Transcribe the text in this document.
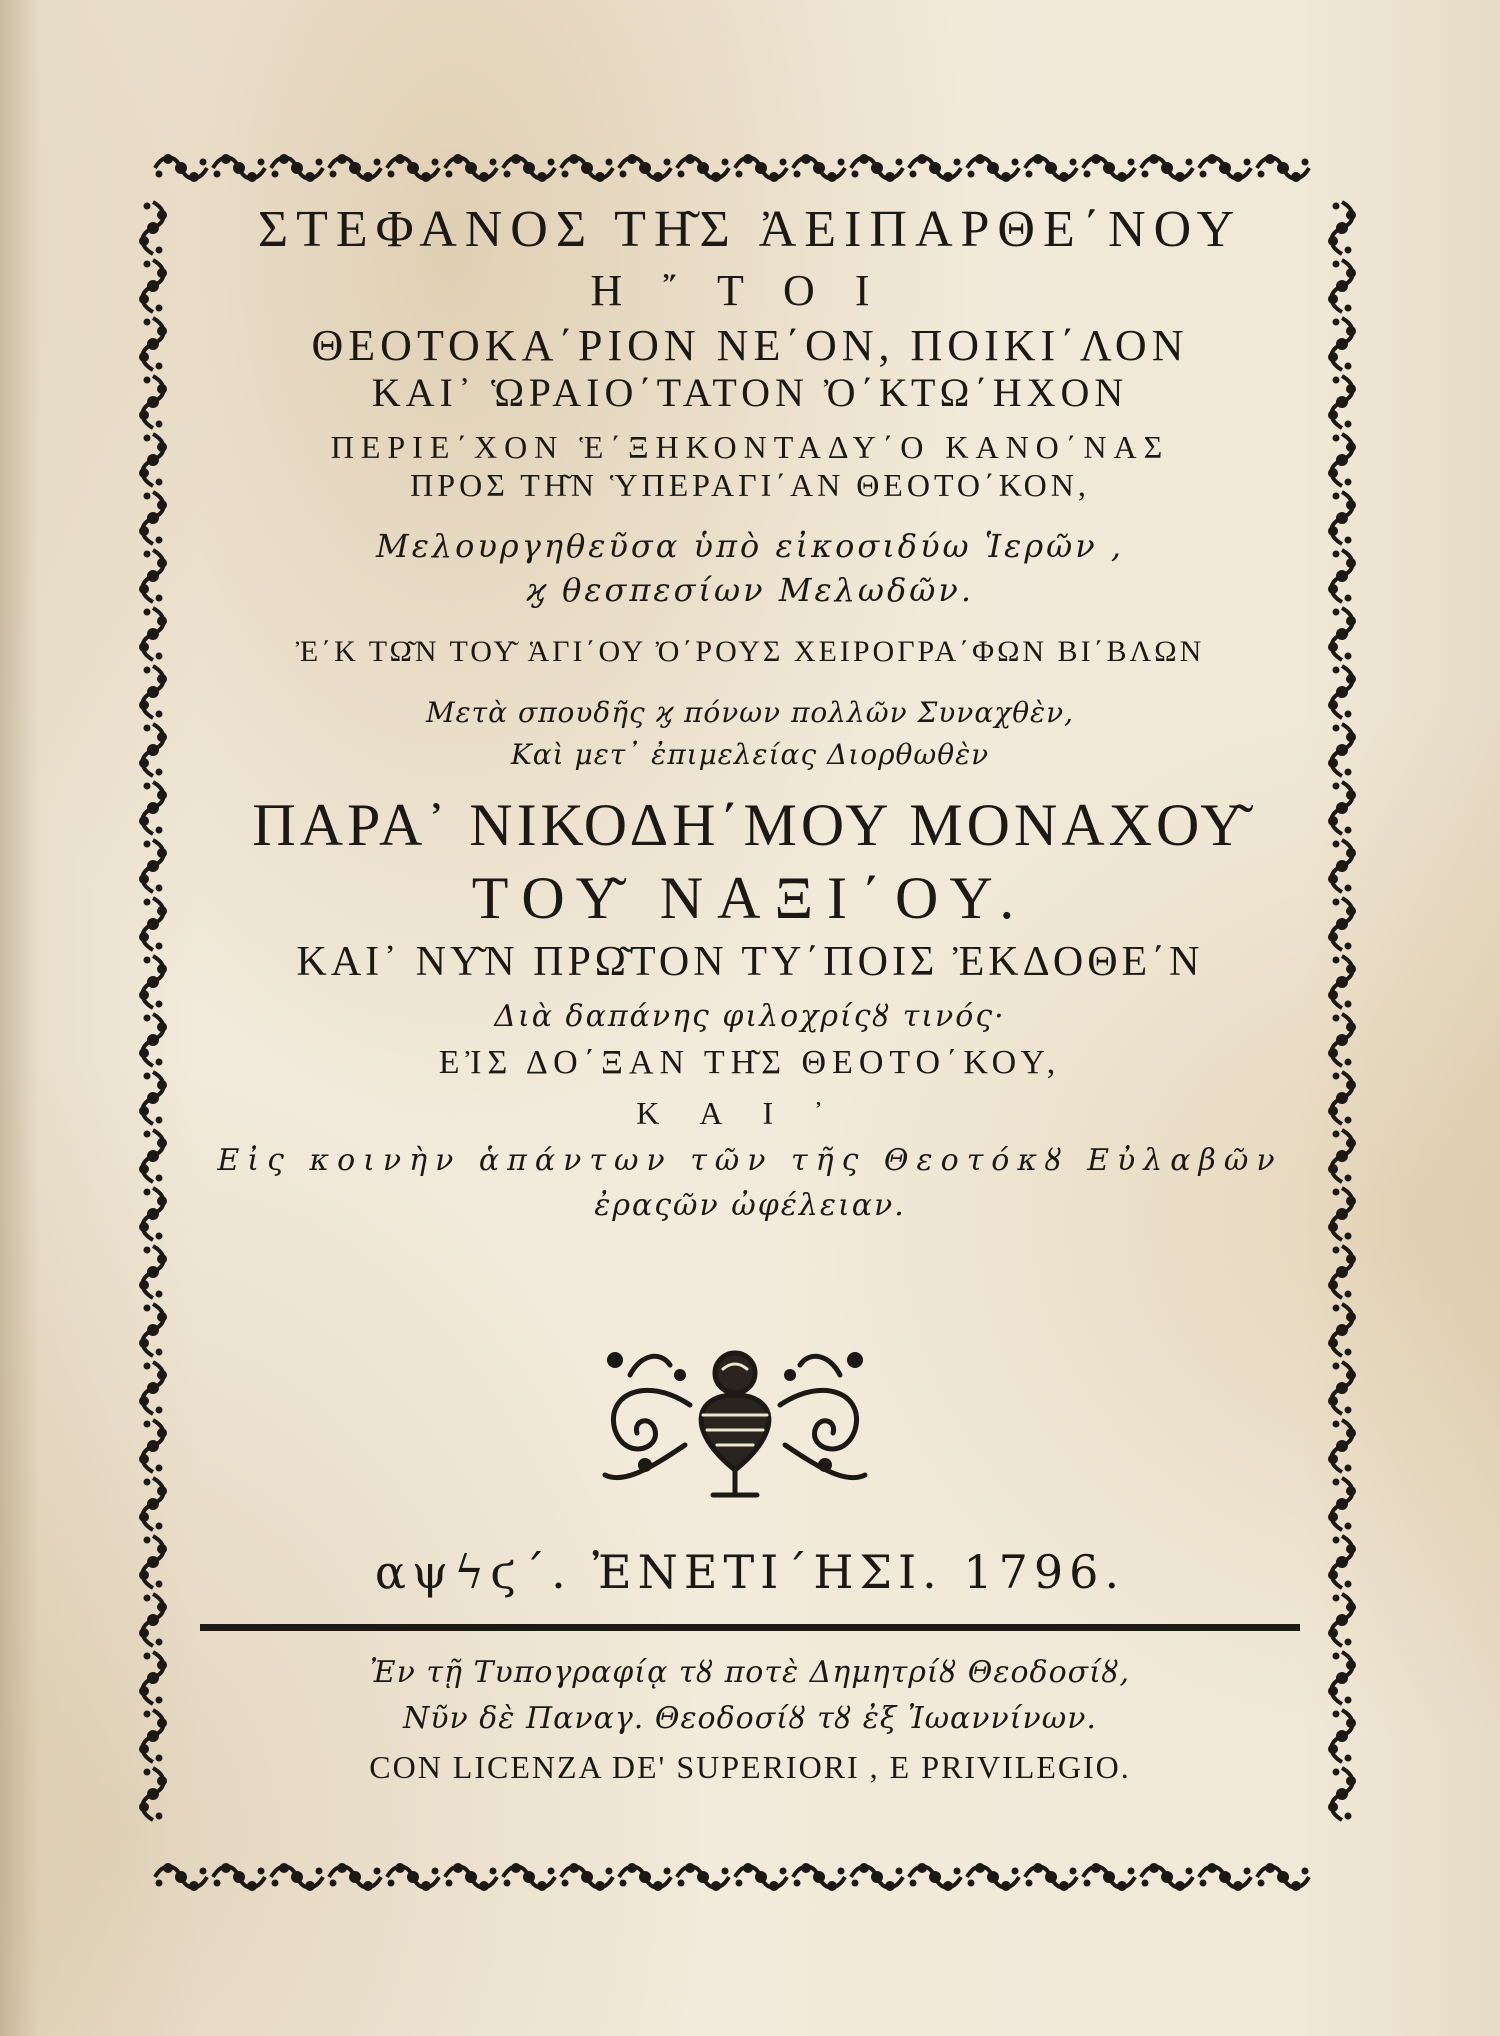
ΣΤΕΦΑΝΟΣ ΤΗ͂Σ ἈΕΙΠΑΡΘΕ΄ΝΟΥ
Η῎ΤΟΙ
ΘΕΟΤΟΚΑ΄ΡΙΟΝ ΝΕ΄ΟΝ, ΠΟΙΚΙ΄ΛΟΝ
ΚΑΙ᾿ ὩΡΑΙΟ΄ΤΑΤΟΝ Ὀ΄ΚΤΩ΄ΗΧΟΝ
ΠΕΡΙΕ΄ΧΟΝ Ἑ΄ΞΗΚΟΝΤΑΔΥ΄Ο ΚΑΝΟ΄ΝΑΣ
ΠΡΟΣ ΤΗ͂Ν ὙΠΕΡΑΓΙ΄ΑΝ ΘΕΟΤΟ΄ΚΟΝ,
Μελουργηθεῦσα ὑπὸ εἰκοσιδύω Ἱερῶν ,
ϗ θεσπεσίων Μελωδῶν.
Ἐ΄Κ ΤΩ͂Ν ΤΟΥ͂ ἉΓΙ΄ΟΥ Ὀ΄ΡΟΥΣ ΧΕΙΡΟΓΡΑ΄ΦΩΝ ΒΙ΄ΒΛΩΝ
Μετὰ σπουδῆς ϗ πόνων πολλῶν Συναχθὲν,
Καὶ μετ᾿ ἐπιμελείας Διορθωθὲν
ΠΑΡΑ᾿ ΝΙΚΟΔΗ΄ΜΟΥ ΜΟΝΑΧΟΥ͂
ΤΟΥ͂ ΝΑΞΙ΄ΟΥ.
ΚΑΙ᾿ ΝΥ͂Ν ΠΡΩ͂ΤΟΝ ΤΥ΄ΠΟΙΣ ἘΚΔΟΘΕ΄Ν
Διὰ δαπάνης φιλοχρίςȣ τινός·
ΕἸΣ ΔΟ΄ΞΑΝ ΤΗ͂Σ ΘΕΟΤΟ΄ΚΟΥ,
ΚΑΙ᾿
Εἰς κοινὴν ἁπάντων τῶν τῆς Θεοτόκȣ Εὐλαβῶν
ἐραςῶν ὠφέλειαν.
αψϟϛ΄. ἘΝΕΤΙ΄ΗΣΙ. 1796.
Ἐν τῇ Τυπογραφίᾳ τȣ ποτὲ Δημητρίȣ Θεοδοσίȣ,
Νῦν δὲ Παναγ. Θεοδοσίȣ τȣ ἐξ Ἰωαννίνων.
CON LICENZA DE' SUPERIORI , E PRIVILEGIO.
